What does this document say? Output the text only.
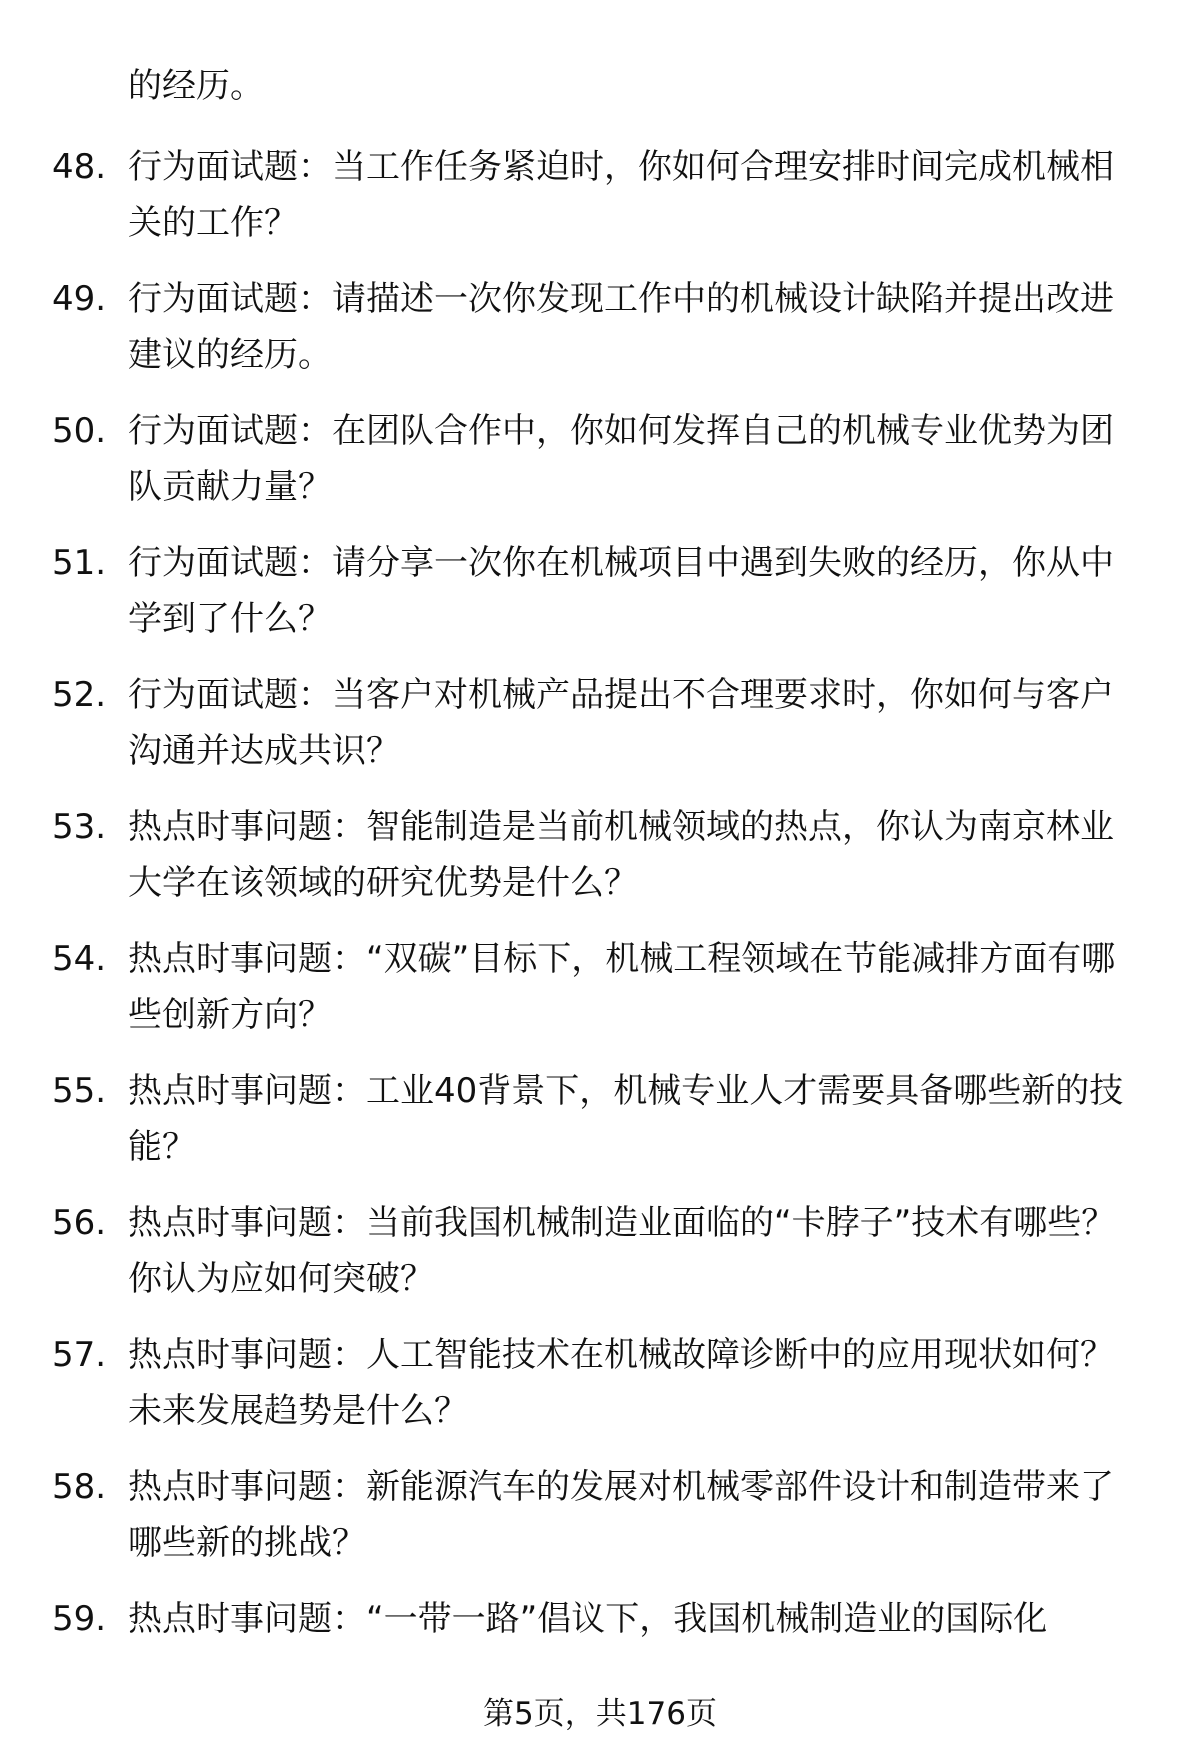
的经历。

48. 行为面试题：当工作任务紧迫时，你如何合理安排时间完成机械相关的工作？

49. 行为面试题：请描述一次你发现工作中的机械设计缺陷并提出改进建议的经历。

50. 行为面试题：在团队合作中，你如何发挥自己的机械专业优势为团队贡献力量？

51. 行为面试题：请分享一次你在机械项目中遇到失败的经历，你从中学到了什么？

52. 行为面试题：当客户对机械产品提出不合理要求时，你如何与客户沟通并达成共识？

53. 热点时事问题：智能制造是当前机械领域的热点，你认为南京林业大学在该领域的研究优势是什么？

54. 热点时事问题：“双碳”目标下，机械工程领域在节能减排方面有哪些创新方向？

55. 热点时事问题：工业40背景下，机械专业人才需要具备哪些新的技能？

56. 热点时事问题：当前我国机械制造业面临的“卡脖子”技术有哪些？你认为应如何突破？

57. 热点时事问题：人工智能技术在机械故障诊断中的应用现状如何？未来发展趋势是什么？

58. 热点时事问题：新能源汽车的发展对机械零部件设计和制造带来了哪些新的挑战？

59. 热点时事问题：“一带一路”倡议下，我国机械制造业的国际化

第5页，共176页
